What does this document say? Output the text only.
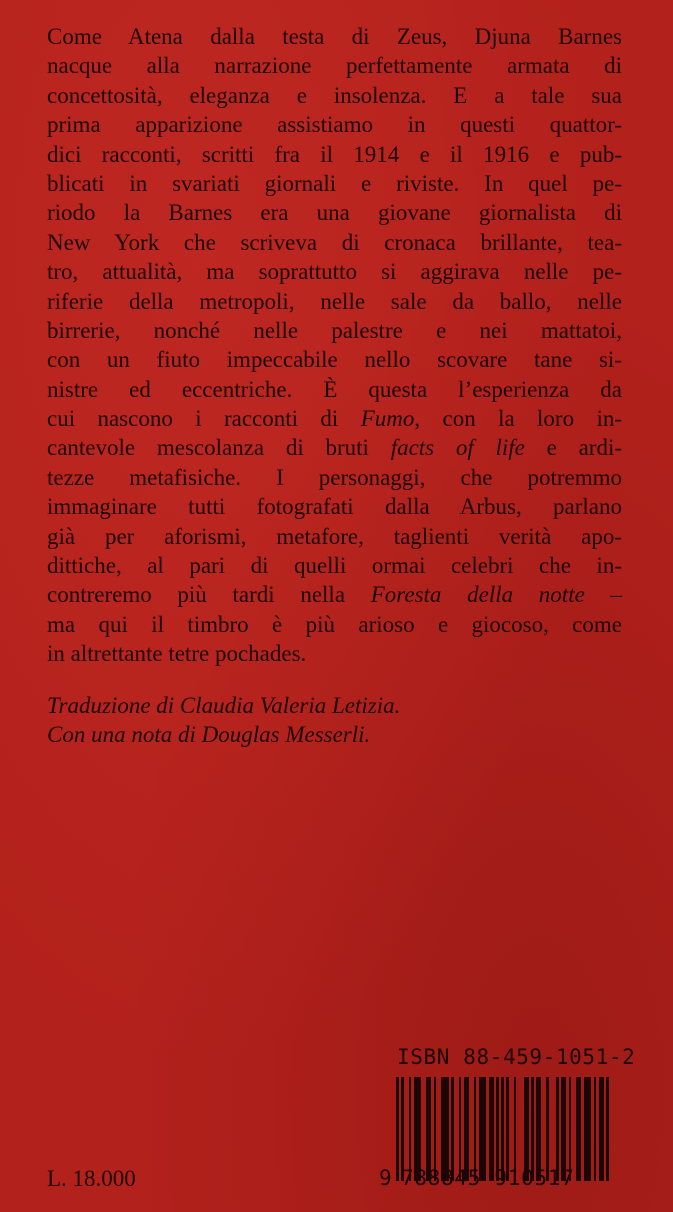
Come Atena dalla testa di Zeus, Djuna Barnes
nacque alla narrazione perfettamente armata di
concettosità, eleganza e insolenza. E a tale sua
prima apparizione assistiamo in questi quattor-
dici racconti, scritti fra il 1914 e il 1916 e pub-
blicati in svariati giornali e riviste. In quel pe-
riodo la Barnes era una giovane giornalista di
New York che scriveva di cronaca brillante, tea-
tro, attualità, ma soprattutto si aggirava nelle pe-
riferie della metropoli, nelle sale da ballo, nelle
birrerie, nonché nelle palestre e nei mattatoi,
con un fiuto impeccabile nello scovare tane si-
nistre ed eccentriche. È questa l’esperienza da
cui nascono i racconti di Fumo, con la loro in-
cantevole mescolanza di bruti facts of life e ardi-
tezze metafisiche. I personaggi, che potremmo
immaginare tutti fotografati dalla Arbus, parlano
già per aforismi, metafore, taglienti verità apo-
dittiche, al pari di quelli ormai celebri che in-
contreremo più tardi nella Foresta della notte –
ma qui il timbro è più arioso e giocoso, come
in altrettante tetre pochades.
Traduzione di Claudia Valeria Letizia.
Con una nota di Douglas Messerli.
ISBN 88-459-1051-2
9 788845 910517
L. 18.000
